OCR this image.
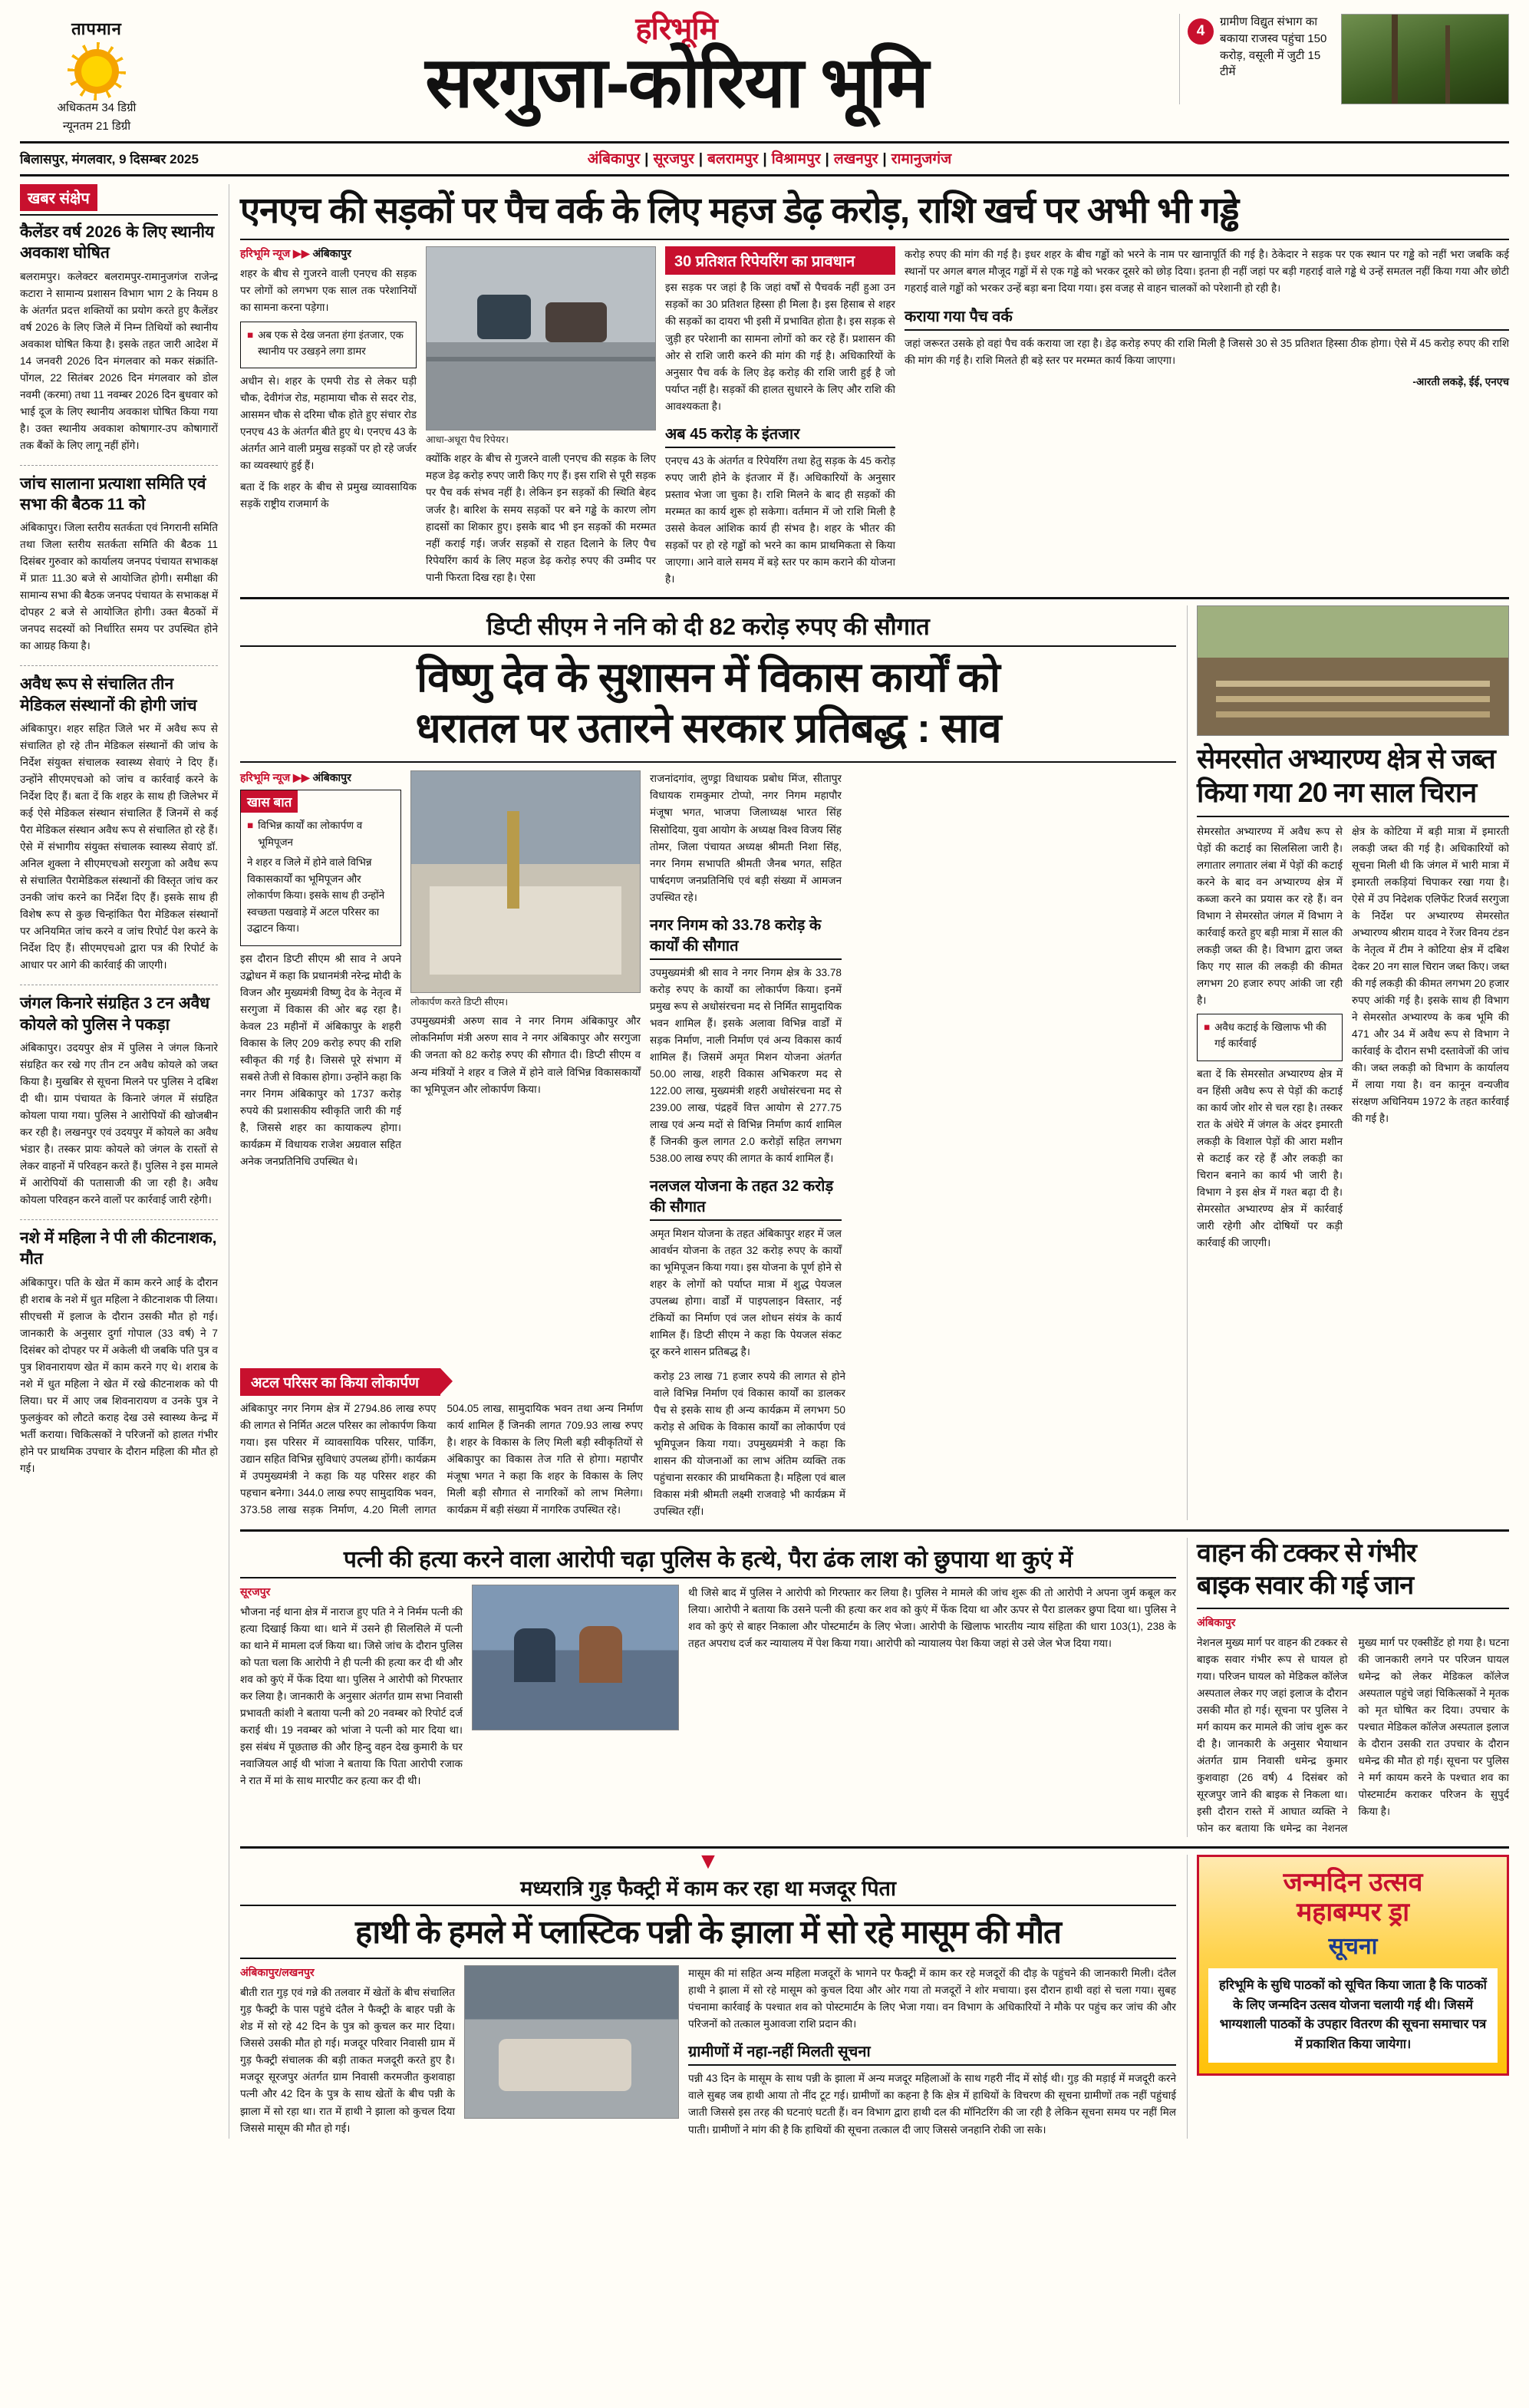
तापमान
अधिकतम 34 डिग्री
न्यूनतम 21 डिग्री
हरिभूमि
सरगुजा-कोरिया भूमि
4
ग्रामीण विद्युत संभाग का बकाया राजस्व पहुंचा 150 करोड़, वसूली में जुटी 15 टीमें
बिलासपुर, मंगलवार, 9 दिसम्बर 2025	अंबिकापुर | सूरजपुर | बलरामपुर | विश्रामपुर | लखनपुर | रामानुजगंज
खबर संक्षेप
कैलेंडर वर्ष 2026 के लिए स्थानीय अवकाश घोषित
बलरामपुर। कलेक्टर बलरामपुर-रामानुजगंज राजेन्द्र कटारा ने सामान्य प्रशासन विभाग भाग 2 के नियम 8 के अंतर्गत प्रदत्त शक्तियों का प्रयोग करते हुए कैलेंडर वर्ष 2026 के लिए जिले में निम्न तिथियों को स्थानीय अवकाश घोषित किया है। इसके तहत जारी आदेश में 14 जनवरी 2026 दिन मंगलवार को मकर संक्रांति-पोंगल, 22 सितंबर 2026 दिन मंगलवार को डोल नवमी (करमा) तथा 11 नवम्बर 2026 दिन बुधवार को भाई दूज के लिए स्थानीय अवकाश घोषित किया गया है। उक्त स्थानीय अवकाश कोषागार-उप कोषागारों तक बैंकों के लिए लागू नहीं होंगे।
जांच सालाना प्रत्याशा समिति एवं सभा की बैठक 11 को
अंबिकापुर। जिला स्तरीय सतर्कता एवं निगरानी समिति तथा जिला स्तरीय सतर्कता समिति की बैठक 11 दिसंबर गुरुवार को कार्यालय जनपद पंचायत सभाकक्ष में प्रातः 11.30 बजे से आयोजित होगी। समीक्षा की सामान्य सभा की बैठक जनपद पंचायत के सभाकक्ष में दोपहर 2 बजे से आयोजित होगी। उक्त बैठकों में जनपद सदस्यों को निर्धारित समय पर उपस्थित होने का आग्रह किया है।
अवैध रूप से संचालित तीन मेडिकल संस्थानों की होगी जांच
अंबिकापुर। शहर सहित जिले भर में अवैध रूप से संचालित हो रहे तीन मेडिकल संस्थानों की जांच के निर्देश संयुक्त संचालक स्वास्थ्य सेवाएं ने दिए हैं। उन्होंने सीएमएचओ को जांच व कार्रवाई करने के निर्देश दिए हैं। बता दें कि शहर के साथ ही जिलेभर में कई ऐसे मेडिकल संस्थान संचालित हैं जिनमें से कई पैरा मेडिकल संस्थान अवैध रूप से संचालित हो रहे हैं। ऐसे में संभागीय संयुक्त संचालक स्वास्थ्य सेवाएं डॉ. अनिल शुक्ला ने सीएमएचओ सरगुजा को अवैध रूप से संचालित पैरामेडिकल संस्थानों की विस्तृत जांच कर उनकी जांच करने का निर्देश दिए हैं। इसके साथ ही विशेष रूप से कुछ चिन्हांकित पैरा मेडिकल संस्थानों पर अनियमित जांच करने व जांच रिपोर्ट पेश करने के निर्देश दिए हैं। सीएमएचओ द्वारा पत्र की रिपोर्ट के आधार पर आगे की कार्रवाई की जाएगी।
जंगल किनारे संग्रहित 3 टन अवैध कोयले को पुलिस ने पकड़ा
अंबिकापुर। उदयपुर क्षेत्र में पुलिस ने जंगल किनारे संग्रहित कर रखे गए तीन टन अवैध कोयले को जब्त किया है। मुखबिर से सूचना मिलने पर पुलिस ने दबिश दी थी। ग्राम पंचायत के किनारे जंगल में संग्रहित कोयला पाया गया। पुलिस ने आरोपियों की खोजबीन कर रही है। लखनपुर एवं उदयपुर में कोयले का अवैध भंडार है। तस्कर प्रायः कोयले को जंगल के रास्तों से लेकर वाहनों में परिवहन करते हैं। पुलिस ने इस मामले में आरोपियों की पतासाजी की जा रही है। अवैध कोयला परिवहन करने वालों पर कार्रवाई जारी रहेगी।
नशे में महिला ने पी ली कीटनाशक, मौत
अंबिकापुर। पति के खेत में काम करने आई के दौरान ही शराब के नशे में धुत महिला ने कीटनाशक पी लिया। सीएचसी में इलाज के दौरान उसकी मौत हो गई। जानकारी के अनुसार दुर्गा गोपाल (33 वर्ष) ने 7 दिसंबर को दोपहर पर में अकेली थी जबकि पति पुत्र व पुत्र शिवनारायण खेत में काम करने गए थे। शराब के नशे में धुत महिला ने खेत में रखे कीटनाशक को पी लिया। घर में आए जब शिवनारायण व उनके पुत्र ने फुलकुंवर को लौटते कराह देख उसे स्वास्थ्य केन्द्र में भर्ती कराया। चिकित्सकों ने परिजनों को हालत गंभीर होने पर प्राथमिक उपचार के दौरान महिला की मौत हो गई।
एनएच की सड़कों पर पैच वर्क के लिए महज डेढ़ करोड़, राशि खर्च पर अभी भी गड्ढे
हरिभूमि न्यूज ▶▶ अंबिकापुर
शहर के बीच से गुजरने वाली एनएच की सड़क पर लोगों को लगभग एक साल तक परेशानियों का सामना करना पड़ेगा।
■ अब एक से देख जनता हंगा इंतजार, एक स्थानीय पर उखड़ने लगा डामर
अधीन से। शहर के एमपी रोड से लेकर घड़ी चौक, देवीगंज रोड, महामाया चौक से सदर रोड, आसमन चौक से दरिमा चौक होते हुए संचार रोड एनएच 43 के अंतर्गत बीते हुए थे। एनएच 43 के अंतर्गत आने वाली प्रमुख सड़कों पर हो रहे जर्जर का व्यवस्थाएं हुई हैं।
बता दें कि शहर के बीच से प्रमुख व्यावसायिक सड़कें राष्ट्रीय राजमार्ग के
आधा-अधूरा पैच रिपेयर।
क्योंकि शहर के बीच से गुजरने वाली एनएच की सड़क के लिए महज डेढ़ करोड़ रुपए जारी किए गए हैं। इस राशि से पूरी सड़क पर पैच वर्क संभव नहीं है। लेकिन इन सड़कों की स्थिति बेहद जर्जर है। बारिश के समय सड़कों पर बने गड्ढे के कारण लोग हादसों का शिकार हुए। इसके बाद भी इन सड़कों की मरम्मत नहीं कराई गई। जर्जर सड़कों से राहत दिलाने के लिए पैच रिपेयरिंग कार्य के लिए महज डेढ़ करोड़ रुपए की उम्मीद पर पानी फिरता दिख रहा है। ऐसा
30 प्रतिशत रिपेयरिंग का प्रावधान
इस सड़क पर जहां है कि जहां वर्षों से पैचवर्क नहीं हुआ उन सड़कों का 30 प्रतिशत हिस्सा ही मिला है। इस हिसाब से शहर की सड़कों का दायरा भी इसी में प्रभावित होता है। इस सड़क से जुड़ी हर परेशानी का सामना लोगों को कर रहे हैं। प्रशासन की ओर से राशि जारी करने की मांग की गई है। अधिकारियों के अनुसार पैच वर्क के लिए डेढ़ करोड़ की राशि जारी हुई है जो पर्याप्त नहीं है। सड़कों की हालत सुधारने के लिए और राशि की आवश्यकता है।
अब 45 करोड़ के इंतजार
एनएच 43 के अंतर्गत व रिपेयरिंग तथा हेतु सड़क के 45 करोड़ रुपए जारी होने के इंतजार में हैं। अधिकारियों के अनुसार प्रस्ताव भेजा जा चुका है। राशि मिलने के बाद ही सड़कों की मरम्मत का कार्य शुरू हो सकेगा। वर्तमान में जो राशि मिली है उससे केवल आंशिक कार्य ही संभव है। शहर के भीतर की सड़कों पर हो रहे गड्ढों को भरने का काम प्राथमिकता से किया जाएगा। आने वाले समय में बड़े स्तर पर काम कराने की योजना है।
करोड़ रुपए की मांग की गई है। इधर शहर के बीच गड्ढों को भरने के नाम पर खानापूर्ति की गई है। ठेकेदार ने सड़क पर एक स्थान पर गड्ढे को नहीं भरा जबकि कई स्थानों पर अगल बगल मौजूद गड्ढों में से एक गड्ढे को भरकर दूसरे को छोड़ दिया। इतना ही नहीं जहां पर बड़ी गहराई वाले गड्ढे थे उन्हें समतल नहीं किया गया और छोटी गहराई वाले गड्ढों को भरकर उन्हें बड़ा बना दिया गया। इस वजह से वाहन चालकों को परेशानी हो रही है।
कराया गया पैच वर्क
जहां जरूरत उसके हो वहां पैच वर्क कराया जा रहा है। डेढ़ करोड़ रुपए की राशि मिली है जिससे 30 से 35 प्रतिशत हिस्सा ठीक होगा। ऐसे में 45 करोड़ रुपए की राशि की मांग की गई है। राशि मिलते ही बड़े स्तर पर मरम्मत कार्य किया जाएगा।
-आरती लकड़े, ईई, एनएच
डिप्टी सीएम ने ननि को दी 82 करोड़ रुपए की सौगात
विष्णु देव के सुशासन में विकास कार्यों को
धरातल पर उतारने सरकार प्रतिबद्ध : साव
हरिभूमि न्यूज ▶▶ अंबिकापुर
खास बात
■ विभिन्न कार्यों का लोकार्पण व भूमिपूजन
ने शहर व जिले में होने वाले विभिन्न विकासकार्यों का भूमिपूजन और लोकार्पण किया। इसके साथ ही उन्होंने स्वच्छता पखवाड़े में अटल परिसर का उद्घाटन किया।
इस दौरान डिप्टी सीएम श्री साव ने अपने उद्बोधन में कहा कि प्रधानमंत्री नरेन्द्र मोदी के विजन और मुख्यमंत्री विष्णु देव के नेतृत्व में सरगुजा में विकास की ओर बढ़ रहा है। केवल 23 महीनों में अंबिकापुर के शहरी विकास के लिए 209 करोड़ रुपए की राशि स्वीकृत की गई है। जिससे पूरे संभाग में सबसे तेजी से विकास होगा। उन्होंने कहा कि नगर निगम अंबिकापुर को 1737 करोड़ रुपये की प्रशासकीय स्वीकृति जारी की गई है, जिससे शहर का कायाकल्प होगा। कार्यक्रम में विधायक राजेश अग्रवाल सहित अनेक जनप्रतिनिधि उपस्थित थे।
लोकार्पण करते डिप्टी सीएम।
उपमुख्यमंत्री अरुण साव ने नगर निगम अंबिकापुर और लोकनिर्माण मंत्री अरुण साव ने नगर अंबिकापुर और सरगुजा की जनता को 82 करोड़ रुपए की सौगात दी। डिप्टी सीएम व अन्य मंत्रियों ने शहर व जिले में होने वाले विभिन्न विकासकार्यों का भूमिपूजन और लोकार्पण किया।
राजनांदगांव, लुण्ड्रा विधायक प्रबोध मिंज, सीतापुर विधायक रामकुमार टोप्पो, नगर निगम महापौर मंजूषा भगत, भाजपा जिलाध्यक्ष भारत सिंह सिसोदिया, युवा आयोग के अध्यक्ष विश्व विजय सिंह तोमर, जिला पंचायत अध्यक्ष श्रीमती निशा सिंह, नगर निगम सभापति श्रीमती जैनब भगत, सहित पार्षदगण जनप्रतिनिधि एवं बड़ी संख्या में आमजन उपस्थित रहे।
नगर निगम को 33.78 करोड़ के कार्यों की सौगात
उपमुख्यमंत्री श्री साव ने नगर निगम क्षेत्र के 33.78 करोड़ रुपए के कार्यों का लोकार्पण किया। इनमें प्रमुख रूप से अधोसंरचना मद से निर्मित सामुदायिक भवन शामिल हैं। इसके अलावा विभिन्न वार्डों में सड़क निर्माण, नाली निर्माण एवं अन्य विकास कार्य शामिल हैं। जिसमें अमृत मिशन योजना अंतर्गत 50.00 लाख, शहरी विकास अभिकरण मद से 122.00 लाख, मुख्यमंत्री शहरी अधोसंरचना मद से 239.00 लाख, पंद्रहवें वित्त आयोग से 277.75 लाख एवं अन्य मदों से विभिन्न निर्माण कार्य शामिल हैं जिनकी कुल लागत 2.0 करोड़ों सहित लगभग 538.00 लाख रुपए की लागत के कार्य शामिल हैं।
नलजल योजना के तहत 32 करोड़ की सौगात
अमृत मिशन योजना के तहत अंबिकापुर शहर में जल आवर्धन योजना के तहत 32 करोड़ रुपए के कार्यों का भूमिपूजन किया गया। इस योजना के पूर्ण होने से शहर के लोगों को पर्याप्त मात्रा में शुद्ध पेयजल उपलब्ध होगा। वार्डों में पाइपलाइन विस्तार, नई टंकियों का निर्माण एवं जल शोधन संयंत्र के कार्य शामिल हैं। डिप्टी सीएम ने कहा कि पेयजल संकट दूर करने शासन प्रतिबद्ध है।
अटल परिसर का किया लोकार्पण
अंबिकापुर नगर निगम क्षेत्र में 2794.86 लाख रुपए की लागत से निर्मित अटल परिसर का लोकार्पण किया गया। इस परिसर में व्यावसायिक परिसर, पार्किंग, उद्यान सहित विभिन्न सुविधाएं उपलब्ध होंगी। कार्यक्रम में उपमुख्यमंत्री ने कहा कि यह परिसर शहर की पहचान बनेगा। 344.0 लाख रुपए सामुदायिक भवन, 373.58 लाख सड़क निर्माण, 4.20 मिली लागत 504.05 लाख, सामुदायिक भवन तथा अन्य निर्माण कार्य शामिल हैं जिनकी लागत 709.93 लाख रुपए है। शहर के विकास के लिए मिली बड़ी स्वीकृतियों से अंबिकापुर का विकास तेज गति से होगा। महापौर मंजूषा भगत ने कहा कि शहर के विकास के लिए मिली बड़ी सौगात से नागरिकों को लाभ मिलेगा। कार्यक्रम में बड़ी संख्या में नागरिक उपस्थित रहे।
करोड़ 23 लाख 71 हजार रुपये की लागत से होने वाले विभिन्न निर्माण एवं विकास कार्यों का डालकर पैच से इसके साथ ही अन्य कार्यक्रम में लगभग 50 करोड़ से अधिक के विकास कार्यों का लोकार्पण एवं भूमिपूजन किया गया। उपमुख्यमंत्री ने कहा कि शासन की योजनाओं का लाभ अंतिम व्यक्ति तक पहुंचाना सरकार की प्राथमिकता है। महिला एवं बाल विकास मंत्री श्रीमती लक्ष्मी राजवाड़े भी कार्यक्रम में उपस्थित रहीं।
सेमरसोत अभ्यारण्य क्षेत्र से जब्त
किया गया 20 नग साल चिरान
सेमरसोत अभ्यारण्य में अवैध रूप से पेड़ों की कटाई का सिलसिला जारी है। लगातार लगातार लंबा में पेड़ों की कटाई करने के बाद वन अभ्यारण्य क्षेत्र में कब्जा करने का प्रयास कर रहे हैं। वन विभाग ने सेमरसोत जंगल में विभाग ने कार्रवाई करते हुए बड़ी मात्रा में साल की लकड़ी जब्त की है। विभाग द्वारा जब्त किए गए साल की लकड़ी की कीमत लगभग 20 हजार रुपए आंकी जा रही है।
■ अवैध कटाई के खिलाफ भी की गई कार्रवाई
बता दें कि सेमरसोत अभ्यारण्य क्षेत्र में वन हिंसी अवैध रूप से पेड़ों की कटाई का कार्य जोर शोर से चल रहा है। तस्कर रात के अंधेरे में जंगल के अंदर इमारती लकड़ी के विशाल पेड़ों की आरा मशीन से कटाई कर रहे हैं और लकड़ी का चिरान बनाने का कार्य भी जारी है। विभाग ने इस क्षेत्र में गश्त बढ़ा दी है। सेमरसोत अभ्यारण्य क्षेत्र में कार्रवाई जारी रहेगी और दोषियों पर कड़ी कार्रवाई की जाएगी।
क्षेत्र के कोटिया में बड़ी मात्रा में इमारती लकड़ी जब्त की गई है। अधिकारियों को सूचना मिली थी कि जंगल में भारी मात्रा में इमारती लकड़ियां चिपाकर रखा गया है। ऐसे में उप निदेशक एलिफेंट रिजर्व सरगुजा के निर्देश पर अभ्यारण्य सेमरसोत अभ्यारण्य श्रीराम यादव ने रेंजर विनय टंडन के नेतृत्व में टीम ने कोटिया क्षेत्र में दबिश देकर 20 नग साल चिरान जब्त किए। जब्त की गई लकड़ी की कीमत लगभग 20 हजार रुपए आंकी गई है। इसके साथ ही विभाग ने सेमरसोत अभ्यारण्य के कब भूमि की 471 और 34 में अवैध रूप से विभाग ने कार्रवाई के दौरान सभी दस्तावेजों की जांच की। जब्त लकड़ी को विभाग के कार्यालय में लाया गया है। वन कानून वन्यजीव संरक्षण अधिनियम 1972 के तहत कार्रवाई की गई है।
पत्नी की हत्या करने वाला आरोपी चढ़ा पुलिस के हत्थे, पैरा ढंक लाश को छुपाया था कुएं में
सूरजपुर
भौजना नई थाना क्षेत्र में नाराज हुए पति ने ने निर्मम पत्नी की हत्या दिखाई किया था। थाने में उसने ही सिलसिले में पत्नी का थाने में मामला दर्ज किया था। जिसे जांच के दौरान पुलिस को पता चला कि आरोपी ने ही पत्नी की हत्या कर दी थी और शव को कुएं में फेंक दिया था। पुलिस ने आरोपी को गिरफ्तार कर लिया है। जानकारी के अनुसार अंतर्गत ग्राम सभा निवासी प्रभावती कांशी ने बताया पत्नी को 20 नवम्बर को रिपोर्ट दर्ज कराई थी। 19 नवम्बर को भांजा ने पत्नी को मार दिया था। इस संबंध में पूछताछ की और हिन्दु वहन देख कुमारी के घर नवाजियल आई थी भांजा ने बताया कि पिता आरोपी रजाक ने रात में मां के साथ मारपीट कर हत्या कर दी थी।
थी जिसे बाद में पुलिस ने आरोपी को गिरफ्तार कर लिया है। पुलिस ने मामले की जांच शुरू की तो आरोपी ने अपना जुर्म कबूल कर लिया। आरोपी ने बताया कि उसने पत्नी की हत्या कर शव को कुएं में फेंक दिया था और ऊपर से पैरा डालकर छुपा दिया था। पुलिस ने शव को कुएं से बाहर निकाला और पोस्टमार्टम के लिए भेजा। आरोपी के खिलाफ भारतीय न्याय संहिता की धारा 103(1), 238 के तहत अपराध दर्ज कर न्यायालय में पेश किया गया। आरोपी को न्यायालय पेश किया जहां से उसे जेल भेज दिया गया।
वाहन की टक्कर से गंभीर
बाइक सवार की गई जान
अंबिकापुर
नेशनल मुख्य मार्ग पर वाहन की टक्कर से बाइक सवार गंभीर रूप से घायल हो गया। परिजन घायल को मेडिकल कॉलेज अस्पताल लेकर गए जहां इलाज के दौरान उसकी मौत हो गई। सूचना पर पुलिस ने मर्ग कायम कर मामले की जांच शुरू कर दी है। जानकारी के अनुसार भैयाथान अंतर्गत ग्राम निवासी धमेन्द्र कुमार कुशवाहा (26 वर्ष) 4 दिसंबर को सूरजपुर जाने की बाइक से निकला था। इसी दौरान रास्ते में आघात व्यक्ति ने फोन कर बताया कि धमेन्द्र का नेशनल मुख्य मार्ग पर एक्सीडेंट हो गया है। घटना की जानकारी लगने पर परिजन घायल धमेन्द्र को लेकर मेडिकल कॉलेज अस्पताल पहुंचे जहां चिकित्सकों ने मृतक को मृत घोषित कर दिया। उपचार के पश्चात मेडिकल कॉलेज अस्पताल इलाज के दौरान उसकी रात उपचार के दौरान धमेन्द्र की मौत हो गई। सूचना पर पुलिस ने मर्ग कायम करने के पश्चात शव का पोस्टमार्टम कराकर परिजन के सुपुर्द किया है।
▼
मध्यरात्रि गुड़ फैक्ट्री में काम कर रहा था मजदूर पिता
हाथी के हमले में प्लास्टिक पन्नी के झाला में सो रहे मासूम की मौत
अंबिकापुर/लखनपुर
बीती रात गुड़ एवं गन्ने की तलवार में खेतों के बीच संचालित गुड़ फैक्ट्री के पास पहुंचे दंतैल ने फैक्ट्री के बाहर पन्नी के शेड में सो रहे 42 दिन के पुत्र को कुचल कर मार दिया। जिससे उसकी मौत हो गई। मजदूर परिवार निवासी ग्राम में गुड़ फैक्ट्री संचालक की बड़ी ताकत मजदूरी करते हुए है। मजदूर सूरजपुर अंतर्गत ग्राम निवासी करमजीत कुशवाहा पत्नी और 42 दिन के पुत्र के साथ खेतों के बीच पन्नी के झाला में सो रहा था। रात में हाथी ने झाला को कुचल दिया जिससे मासूम की मौत हो गई।
मासूम की मां सहित अन्य महिला मजदूरों के भागने पर फैक्ट्री में काम कर रहे मजदूरों की दौड़ के पहुंचने की जानकारी मिली। दंतैल हाथी ने झाला में सो रहे मासूम को कुचल दिया और ओर गया तो मजदूरों ने शोर मचाया। इस दौरान हाथी वहां से चला गया। सुबह पंचनामा कार्रवाई के पश्चात शव को पोस्टमार्टम के लिए भेजा गया। वन विभाग के अधिकारियों ने मौके पर पहुंच कर जांच की और परिजनों को तत्काल मुआवजा राशि प्रदान की।
ग्रामीणों में नहा-नहीं मिलती सूचना
पन्नी 43 दिन के मासूम के साथ पन्नी के झाला में अन्य मजदूर महिलाओं के साथ गहरी नींद में सोई थी। गुड़ की मड़ाई में मजदूरी करने वाले सुबह जब हाथी आया तो नींद टूट गई। ग्रामीणों का कहना है कि क्षेत्र में हाथियों के विचरण की सूचना ग्रामीणों तक नहीं पहुंचाई जाती जिससे इस तरह की घटनाएं घटती हैं। वन विभाग द्वारा हाथी दल की मॉनिटरिंग की जा रही है लेकिन सूचना समय पर नहीं मिल पाती। ग्रामीणों ने मांग की है कि हाथियों की सूचना तत्काल दी जाए जिससे जनहानि रोकी जा सके।
जन्मदिन उत्सव
महाबम्पर ड्रा
सूचना
हरिभूमि के सुधि पाठकों को सूचित किया जाता है कि पाठकों के लिए जन्मदिन उत्सव योजना चलायी गई थी। जिसमें भाग्यशाली पाठकों के उपहार वितरण की सूचना समाचार पत्र में प्रकाशित किया जायेगा।
